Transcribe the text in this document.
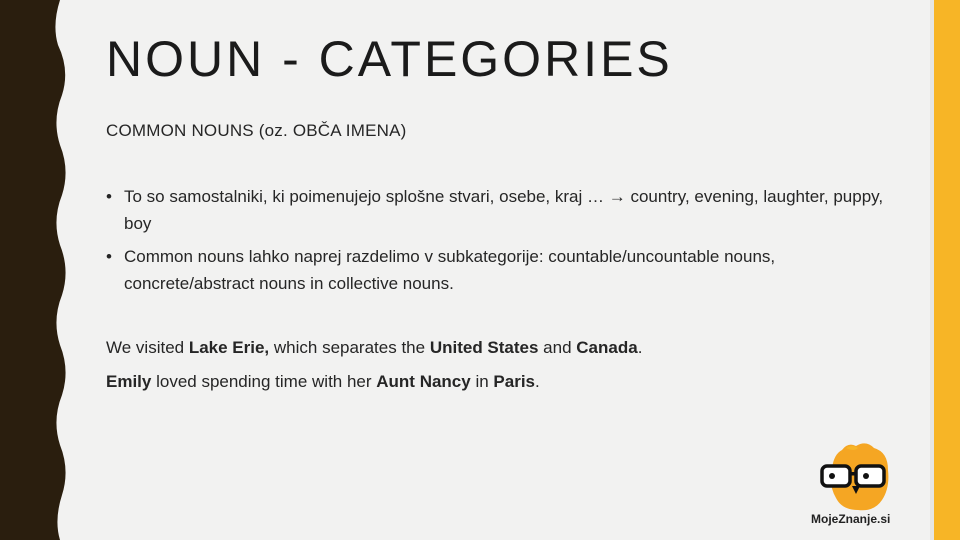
NOUN - CATEGORIES
COMMON NOUNS (oz. OBČA IMENA)
• To so samostalniki, ki poimenujejo splošne stvari, osebe, kraj … → country, evening, laughter, puppy, boy
• Common nouns lahko naprej razdelimo v subkategorije: countable/uncountable nouns, concrete/abstract nouns in collective nouns.
We visited Lake Erie, which separates the United States and Canada.
Emily loved spending time with her Aunt Nancy in Paris.
MojeZnanje.si
